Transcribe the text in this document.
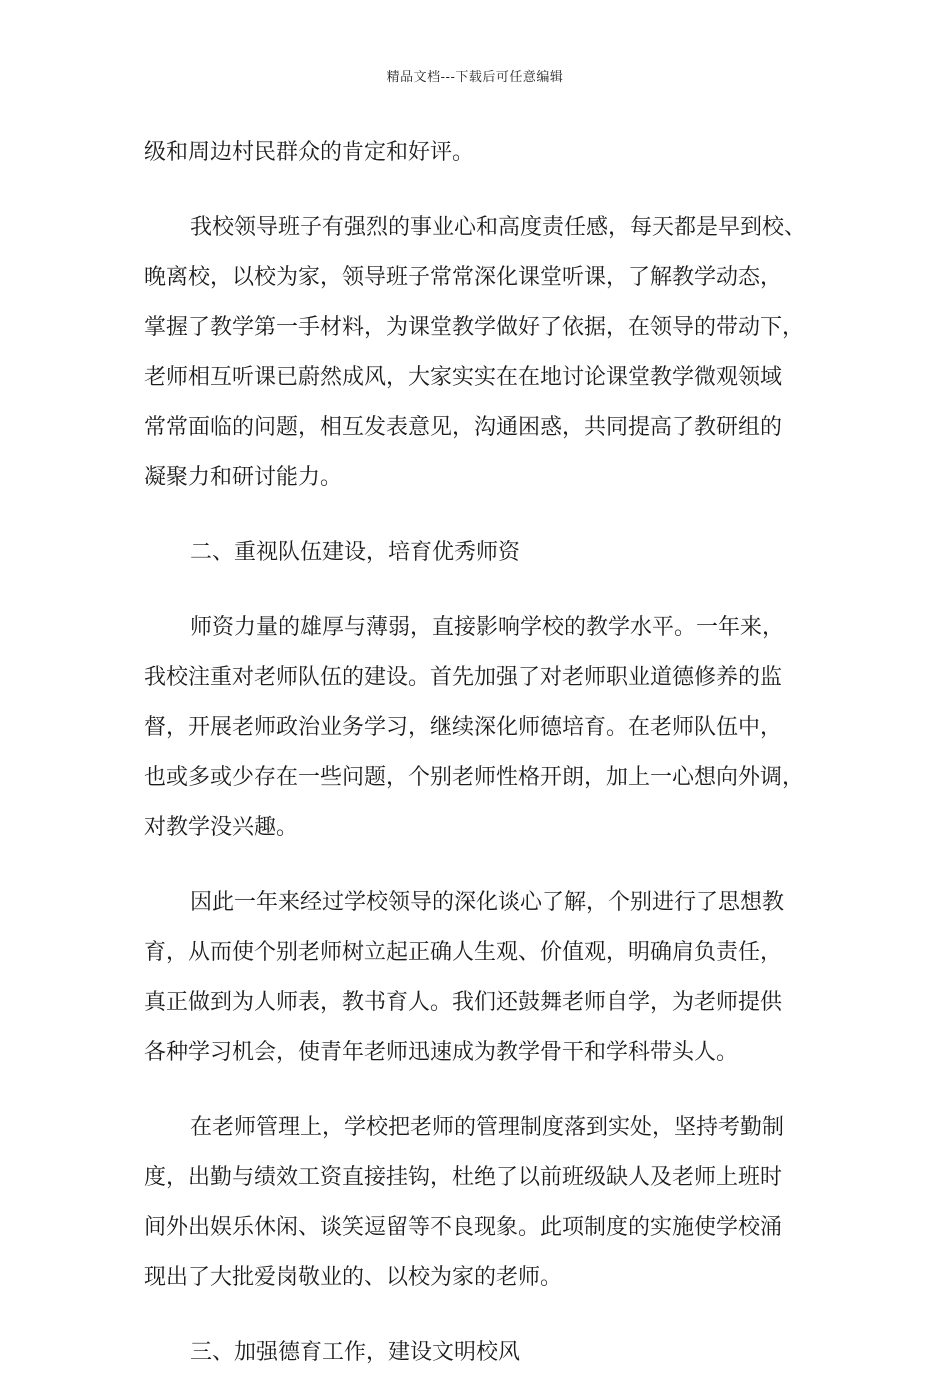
精品文档---下载后可任意编辑
级和周边村民群众的肯定和好评。
我校领导班子有强烈的事业心和高度责任感，每天都是早到校、
晚离校，以校为家，领导班子常常深化课堂听课，了解教学动态，
掌握了教学第一手材料，为课堂教学做好了依据，在领导的带动下，
老师相互听课已蔚然成风，大家实实在在地讨论课堂教学微观领域
常常面临的问题，相互发表意见，沟通困惑，共同提高了教研组的
凝聚力和研讨能力。
二、重视队伍建设，培育优秀师资
师资力量的雄厚与薄弱，直接影响学校的教学水平。一年来，
我校注重对老师队伍的建设。首先加强了对老师职业道德修养的监
督，开展老师政治业务学习，继续深化师德培育。在老师队伍中，
也或多或少存在一些问题，个别老师性格开朗，加上一心想向外调，
对教学没兴趣。
因此一年来经过学校领导的深化谈心了解，个别进行了思想教
育，从而使个别老师树立起正确人生观、价值观，明确肩负责任，
真正做到为人师表，教书育人。我们还鼓舞老师自学，为老师提供
各种学习机会，使青年老师迅速成为教学骨干和学科带头人。
在老师管理上，学校把老师的管理制度落到实处，坚持考勤制
度，出勤与绩效工资直接挂钩，杜绝了以前班级缺人及老师上班时
间外出娱乐休闲、谈笑逗留等不良现象。此项制度的实施使学校涌
现出了大批爱岗敬业的、以校为家的老师。
三、加强德育工作，建设文明校风
